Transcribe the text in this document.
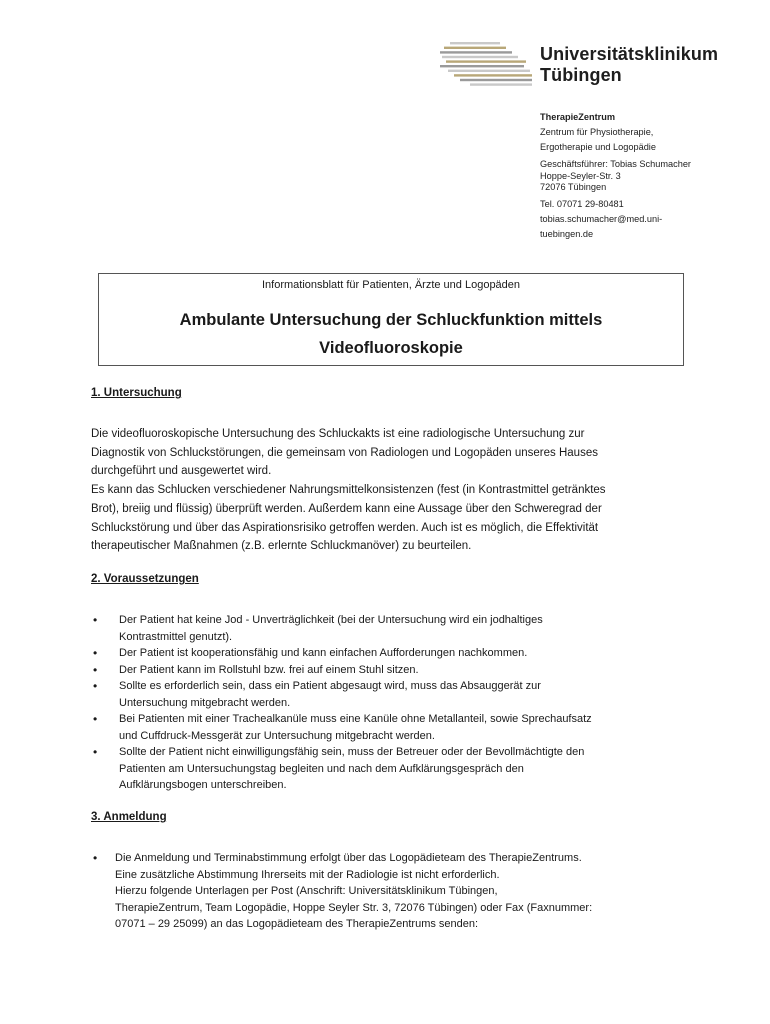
Universitätsklinikum
Tübingen
TherapieZentrum
Zentrum für Physiotherapie,
Ergotherapie und Logopädie
Geschäftsführer: Tobias Schumacher
Hoppe-Seyler-Str. 3
72076 Tübingen
Tel. 07071 29-80481
tobias.schumacher@med.uni-
tuebingen.de
Informationsblatt für Patienten, Ärzte und Logopäden
Ambulante Untersuchung der Schluckfunktion mittels
Videofluoroskopie
1. Untersuchung
Die videofluoroskopische Untersuchung des Schluckakts ist eine radiologische Untersuchung zur
Diagnostik von Schluckstörungen, die gemeinsam von Radiologen und Logopäden unseres Hauses
durchgeführt und ausgewertet wird.
Es kann das Schlucken verschiedener Nahrungsmittelkonsistenzen (fest (in Kontrastmittel getränktes
Brot), breiig und flüssig) überprüft werden. Außerdem kann eine Aussage über den Schweregrad der
Schluckstörung und über das Aspirationsrisiko getroffen werden. Auch ist es möglich, die Effektivität
therapeutischer Maßnahmen (z.B. erlernte Schluckmanöver) zu beurteilen.
2. Voraussetzungen
• Der Patient hat keine Jod - Unverträglichkeit (bei der Untersuchung wird ein jodhaltiges
Kontrastmittel genutzt).
• Der Patient ist kooperationsfähig und kann einfachen Aufforderungen nachkommen.
• Der Patient kann im Rollstuhl bzw. frei auf einem Stuhl sitzen.
• Sollte es erforderlich sein, dass ein Patient abgesaugt wird, muss das Absauggerät zur
Untersuchung mitgebracht werden.
• Bei Patienten mit einer Trachealkanüle muss eine Kanüle ohne Metallanteil, sowie Sprechaufsatz
und Cuffdruck-Messgerät zur Untersuchung mitgebracht werden.
• Sollte der Patient nicht einwilligungsfähig sein, muss der Betreuer oder der Bevollmächtigte den
Patienten am Untersuchungstag begleiten und nach dem Aufklärungsgespräch den
Aufklärungsbogen unterschreiben.
3. Anmeldung
• Die Anmeldung und Terminabstimmung erfolgt über das Logopädieteam des TherapieZentrums.
Eine zusätzliche Abstimmung Ihrerseits mit der Radiologie ist nicht erforderlich.
Hierzu folgende Unterlagen per Post (Anschrift: Universitätsklinikum Tübingen,
TherapieZentrum, Team Logopädie, Hoppe Seyler Str. 3, 72076 Tübingen) oder Fax (Faxnummer:
07071 – 29 25099) an das Logopädieteam des TherapieZentrums senden:
